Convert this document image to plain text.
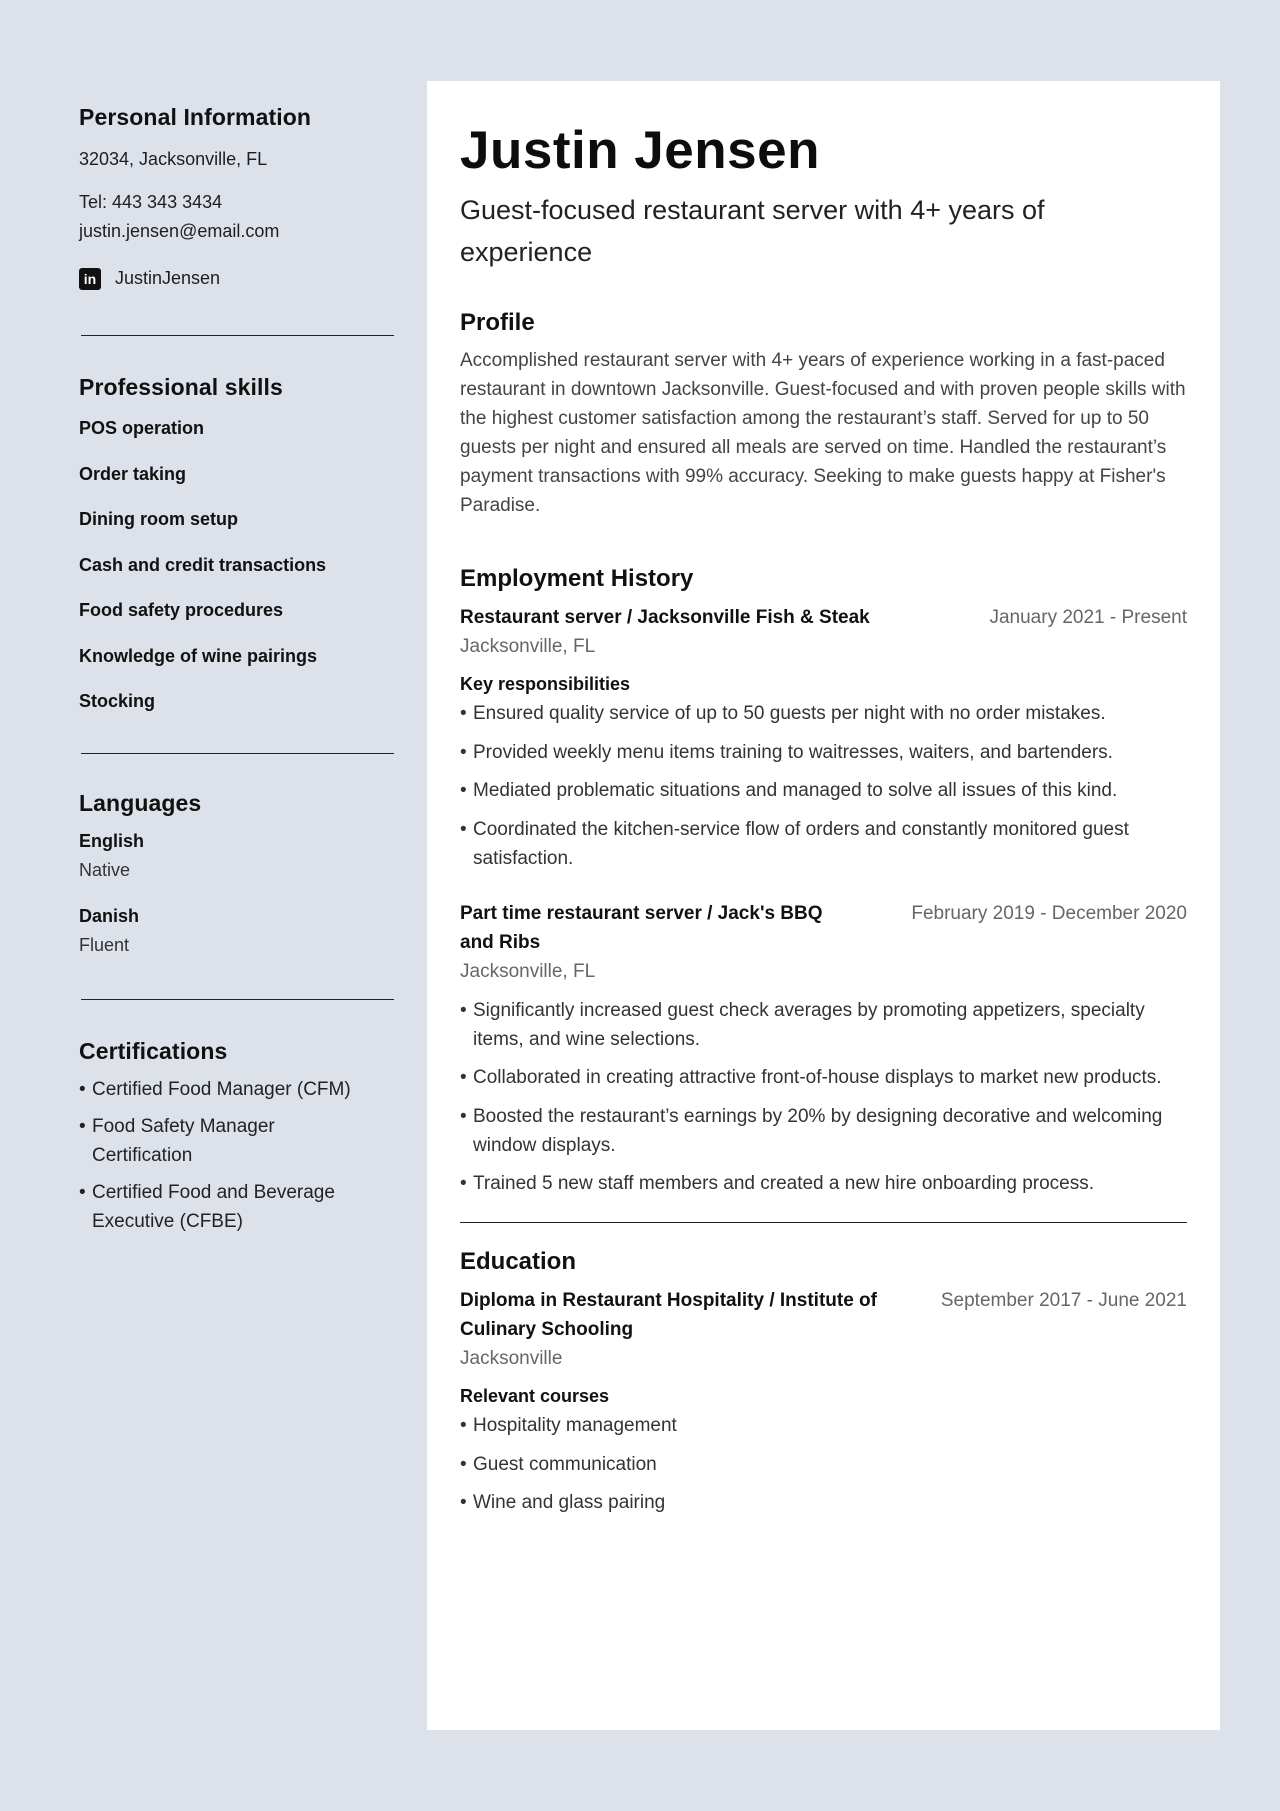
Personal Information
32034, Jacksonville, FL
Tel: 443 343 3434
justin.jensen@email.com
in JustinJensen
Professional skills
POS operation
Order taking
Dining room setup
Cash and credit transactions
Food safety procedures
Knowledge of wine pairings
Stocking
Languages
English
Native
Danish
Fluent
Certifications
• Certified Food Manager (CFM)
• Food Safety Manager Certification
• Certified Food and Beverage Executive (CFBE)
Justin Jensen
Guest-focused restaurant server with 4+ years of experience
Profile

Accomplished restaurant server with 4+ years of experience working in a fast-paced restaurant in downtown Jacksonville. Guest-focused and with proven people skills with the highest customer satisfaction among the restaurant’s staff. Served for up to 50 guests per night and ensured all meals are served on time. Handled the restaurant’s payment transactions with 99% accuracy. Seeking to make guests happy at Fisher's Paradise.

Employment History
Restaurant server / Jacksonville Fish & Steak	January 2021 - Present
Jacksonville, FL
Key responsibilities
• Ensured quality service of up to 50 guests per night with no order mistakes.
• Provided weekly menu items training to waitresses, waiters, and bartenders.
• Mediated problematic situations and managed to solve all issues of this kind.
• Coordinated the kitchen-service flow of orders and constantly monitored guest satisfaction.
Part time restaurant server / Jack's BBQ and Ribs
February 2019 - December 2020
Jacksonville, FL
• Significantly increased guest check averages by promoting appetizers, specialty items, and wine selections.
• Collaborated in creating attractive front-of-house displays to market new products.
• Boosted the restaurant’s earnings by 20% by designing decorative and welcoming window displays.
• Trained 5 new staff members and created a new hire onboarding process.
Education
Diploma in Restaurant Hospitality / Institute of Culinary Schooling
September 2017 - June 2021
Jacksonville
Relevant courses
• Hospitality management
• Guest communication
• Wine and glass pairing
